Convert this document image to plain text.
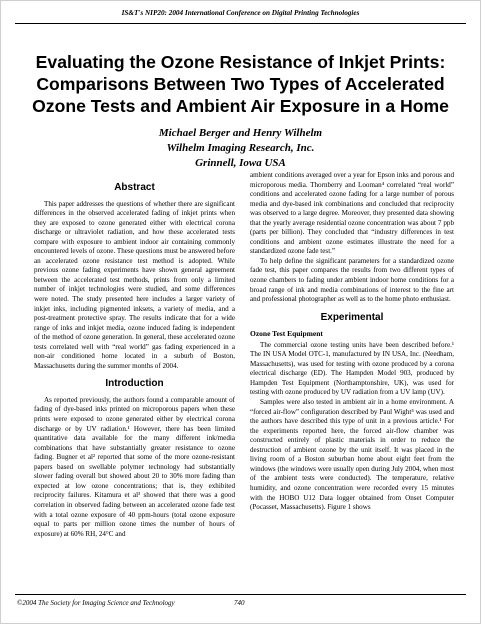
IS&T's NIP20: 2004 International Conference on Digital Printing Technologies
Evaluating the Ozone Resistance of Inkjet Prints:
Comparisons Between Two Types of Accelerated
Ozone Tests and Ambient Air Exposure in a Home
Michael Berger and Henry Wilhelm
Wilhelm Imaging Research, Inc.
Grinnell, Iowa USA
Abstract

This paper addresses the questions of whether there are significant differences in the observed accelerated fading of inkjet prints when they are exposed to ozone generated either with electrical corona discharge or ultraviolet radiation, and how these accelerated tests compare with exposure to ambient indoor air containing commonly encountered levels of ozone. These questions must be answered before an accelerated ozone resistance test method is adopted. While previous ozone fading experiments have shown general agreement between the accelerated test methods, prints from only a limited number of inkjet technologies were studied, and some differences were noted. The study presented here includes a larger variety of inkjet inks, including pigmented inksets, a variety of media, and a post-treatment protective spray. The results indicate that for a wide range of inks and inkjet media, ozone induced fading is independent of the method of ozone generation. In general, these accelerated ozone tests correlated well with “real world” gas fading experienced in a non-air conditioned home located in a suburb of Boston, Massachusetts during the summer months of 2004.

Introduction

As reported previously, the authors found a comparable amount of fading of dye-based inks printed on microporous papers when these prints were exposed to ozone generated either by electrical corona discharge or by UV radiation.¹ However, there has been limited quantitative data available for the many different ink/media combinations that have substantially greater resistance to ozone fading. Bugner et al² reported that some of the more ozone-resistant papers based on swellable polymer technology had substantially slower fading overall but showed about 20 to 30% more fading than expected at low ozone concentrations; that is, they exhibited reciprocity failures. Kitamura et al³ showed that there was a good correlation in observed fading between an accelerated ozone fade test with a total ozone exposure of 40 ppm-hours (total ozone exposure equal to parts per million ozone times the number of hours of exposure) at 60% RH, 24°C and

ambient conditions averaged over a year for Epson inks and porous and microporous media. Thornberry and Looman⁴ correlated “real world” conditions and accelerated ozone fading for a large number of porous media and dye-based ink combinations and concluded that reciprocity was observed to a large degree. Moreover, they presented data showing that the yearly average residential ozone concentration was about 7 ppb (parts per billion). They concluded that “industry differences in test conditions and ambient ozone estimates illustrate the need for a standardized ozone fade test.”

To help define the significant parameters for a standardized ozone fade test, this paper compares the results from two different types of ozone chambers to fading under ambient indoor home conditions for a broad range of ink and media combinations of interest to the fine art and professional photographer as well as to the home photo enthusiast.

Experimental
Ozone Test Equipment

The commercial ozone testing units have been described before.¹ The IN USA Model OTC-1, manufactured by IN USA, Inc. (Needham, Massachusetts), was used for testing with ozone produced by a corona electrical discharge (ED). The Hampden Model 903, produced by Hampden Test Equipment (Northamptonshire, UK), was used for testing with ozone produced by UV radiation from a UV lamp (UV).

Samples were also tested in ambient air in a home environment. A “forced air-flow” configuration described by Paul Wight⁵ was used and the authors have described this type of unit in a previous article.¹ For the experiments reported here, the forced air-flow chamber was constructed entirely of plastic materials in order to reduce the destruction of ambient ozone by the unit itself. It was placed in the living room of a Boston suburban home about eight feet from the windows (the windows were usually open during July 2004, when most of the ambient tests were conducted). The temperature, relative humidity, and ozone concentration were recorded every 15 minutes with the HOBO U12 Data logger obtained from Onset Computer (Pocasset, Massachusetts). Figure 1 shows

©2004 The Society for Imaging Science and Technology	740
